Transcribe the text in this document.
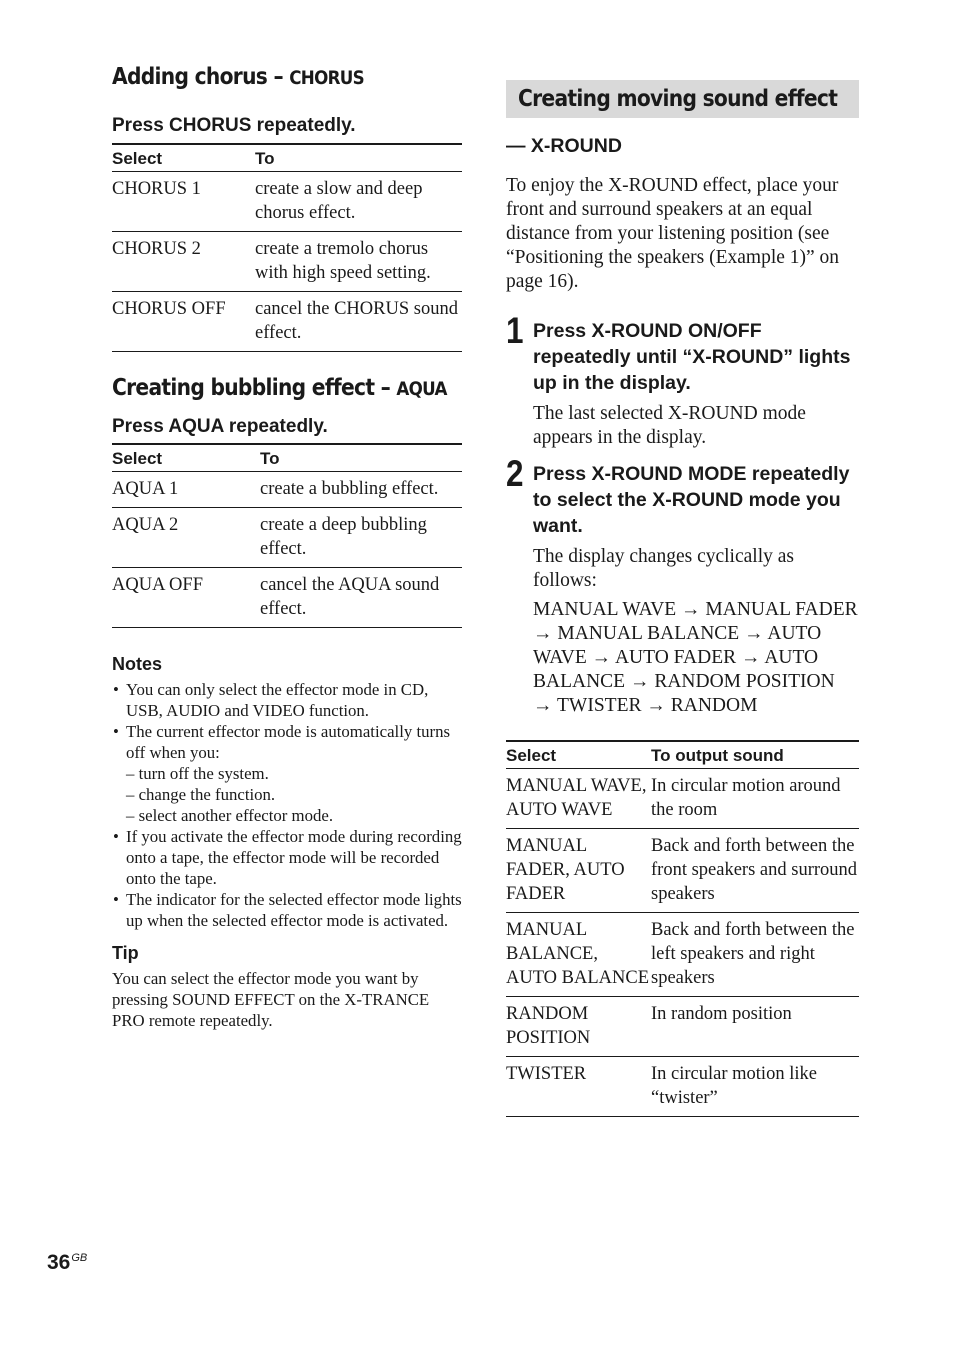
Adding chorus – CHORUS

Press CHORUS repeatedly.

Select	To
CHORUS 1	create a slow and deep chorus effect.
CHORUS 2	create a tremolo chorus with high speed setting.
CHORUS OFF	cancel the CHORUS sound effect.
Creating bubbling effect – AQUA

Press AQUA repeatedly.

Select	To
AQUA 1	create a bubbling effect.
AQUA 2	create a deep bubbling effect.
AQUA OFF	cancel the AQUA sound effect.

Notes

• You can only select the effector mode in CD, USB, AUDIO and VIDEO function.
• The current effector mode is automatically turns off when you:
– turn off the system.
– change the function.
– select another effector mode.
• If you activate the effector mode during recording onto a tape, the effector mode will be recorded onto the tape.
• The indicator for the selected effector mode lights up when the selected effector mode is activated.

Tip

You can select the effector mode you want by pressing SOUND EFFECT on the X-TRANCE PRO remote repeatedly.

Creating moving sound effect

— X-ROUND

To enjoy the X-ROUND effect, place your front and surround speakers at an equal distance from your listening position (see “Positioning the speakers (Example 1)” on page 16).

1 Press X-ROUND ON/OFF repeatedly until “X-ROUND” lights up in the display.

The last selected X-ROUND mode appears in the display.

2 Press X-ROUND MODE repeatedly to select the X-ROUND mode you want.

The display changes cyclically as follows:

MANUAL WAVE → MANUAL FADER → MANUAL BALANCE → AUTO WAVE → AUTO FADER → AUTO BALANCE → RANDOM POSITION → TWISTER → RANDOM

Select	To output sound
MANUAL WAVE, AUTO WAVE	In circular motion around the room
MANUAL FADER, AUTO FADER	Back and forth between the front speakers and surround speakers
MANUAL BALANCE, AUTO BALANCE	Back and forth between the left speakers and right speakers
RANDOM POSITION	In random position
TWISTER	In circular motion like “twister”
$36^{GB}$
